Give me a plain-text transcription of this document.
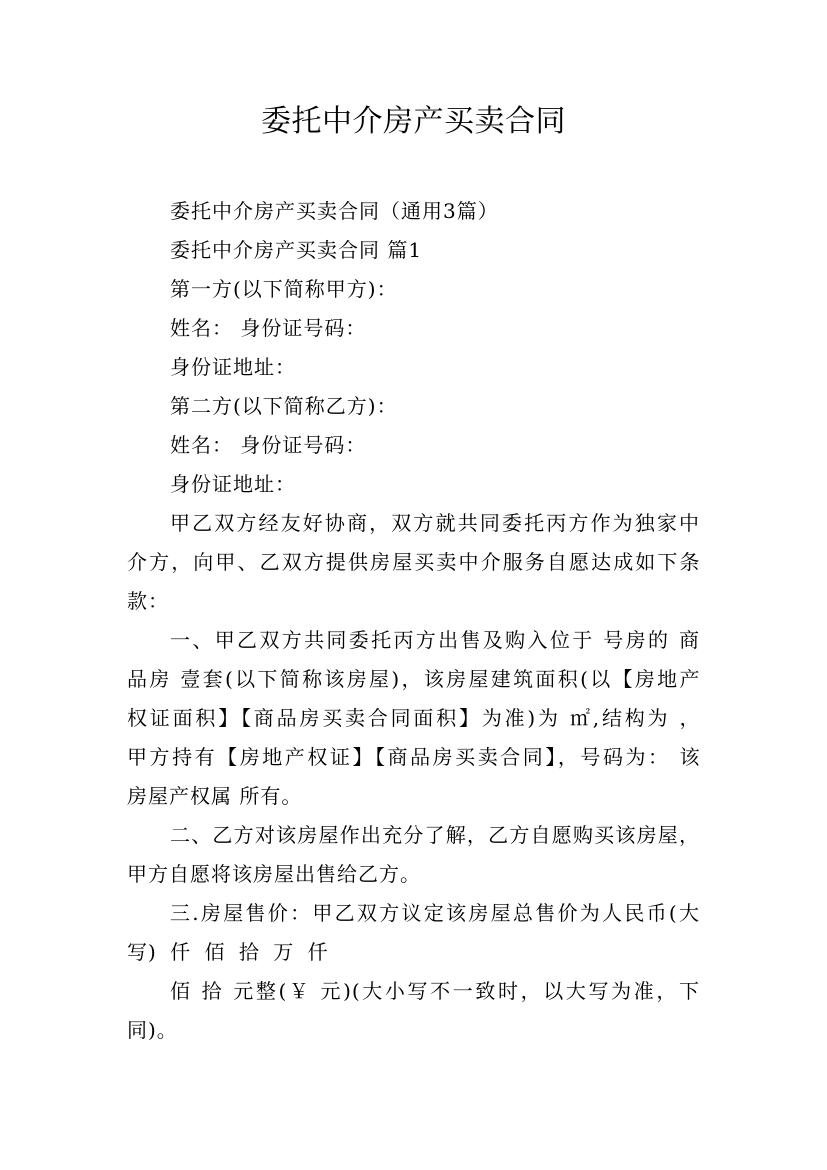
委托中介房产买卖合同
委托中介房产买卖合同（通用3篇）
委托中介房产买卖合同 篇1
第一方(以下简称甲方)：
姓名： 身份证号码：
身份证地址：
第二方(以下简称乙方)：
姓名： 身份证号码：
身份证地址：
甲乙双方经友好协商，双方就共同委托丙方作为独家中
介方，向甲、乙双方提供房屋买卖中介服务自愿达成如下条
款：
一、甲乙双方共同委托丙方出售及购入位于 号房的 商
品房 壹套(以下简称该房屋)，该房屋建筑面积(以【房地产
权证面积】【商品房买卖合同面积】为准)为 ㎡,结构为 ，
甲方持有【房地产权证】【商品房买卖合同】，号码为： 该
房屋产权属 所有。
二、乙方对该房屋作出充分了解，乙方自愿购买该房屋，
甲方自愿将该房屋出售给乙方。
三.房屋售价：甲乙双方议定该房屋总售价为人民币(大
写) 仟 佰 拾 万 仟
佰 拾 元整(￥ 元)(大小写不一致时，以大写为准，下
同)。
